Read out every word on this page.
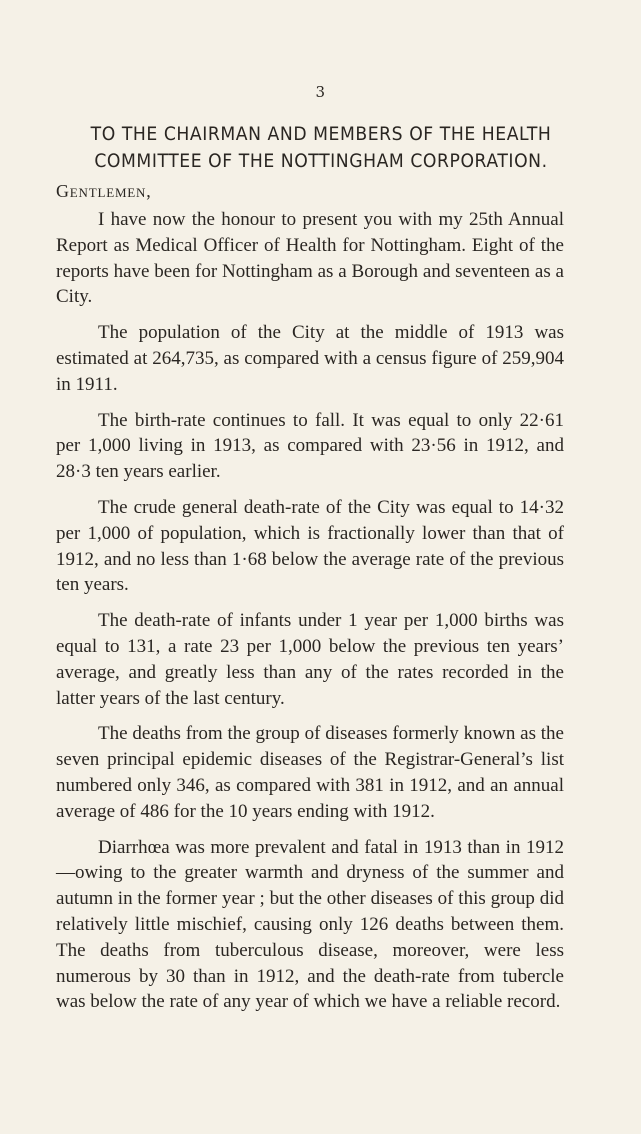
3
TO THE CHAIRMAN AND MEMBERS OF THE HEALTH
COMMITTEE OF THE NOTTINGHAM CORPORATION.
Gentlemen,

I have now the honour to present you with my 25th Annual Report as Medical Officer of Health for Nottingham. Eight of the reports have been for Nottingham as a Borough and seventeen as a City.

The population of the City at the middle of 1913 was estimated at 264,735, as compared with a census figure of 259,904 in 1911.

The birth-rate continues to fall. It was equal to only 22·61 per 1,000 living in 1913, as compared with 23·56 in 1912, and 28·3 ten years earlier.

The crude general death-rate of the City was equal to 14·32 per 1,000 of population, which is fractionally lower than that of 1912, and no less than 1·68 below the average rate of the previous ten years.

The death-rate of infants under 1 year per 1,000 births was equal to 131, a rate 23 per 1,000 below the previous ten years’ average, and greatly less than any of the rates recorded in the latter years of the last century.

The deaths from the group of diseases formerly known as the seven principal epidemic diseases of the Registrar-General’s list numbered only 346, as compared with 381 in 1912, and an annual average of 486 for the 10 years ending with 1912.

Diarrhœa was more prevalent and fatal in 1913 than in 1912—owing to the greater warmth and dryness of the summer and autumn in the former year ; but the other diseases of this group did relatively little mischief, causing only 126 deaths between them. The deaths from tuberculous disease, moreover, were less numerous by 30 than in 1912, and the death-rate from tubercle was below the rate of any year of which we have a reliable record.
